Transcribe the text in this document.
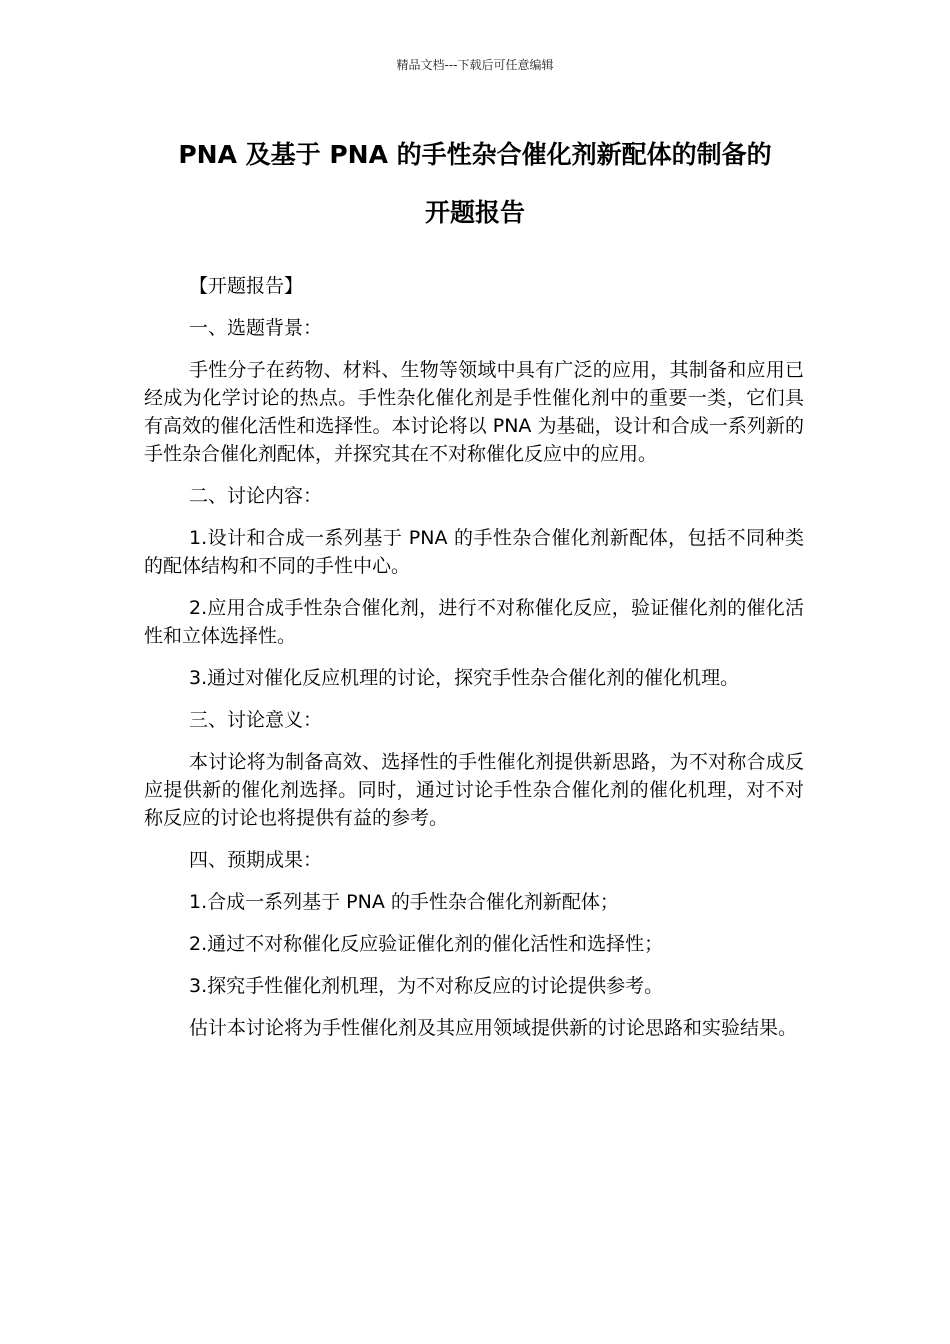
精品文档---下载后可任意编辑
PNA 及基于 PNA 的手性杂合催化剂新配体的制备的
开题报告

【开题报告】

一、选题背景：

手性分子在药物、材料、生物等领域中具有广泛的应用，其制备和应用已经成为化学讨论的热点。手性杂化催化剂是手性催化剂中的重要一类，它们具有高效的催化活性和选择性。本讨论将以 PNA 为基础，设计和合成一系列新的手性杂合催化剂配体，并探究其在不对称催化反应中的应用。

二、讨论内容：

1.设计和合成一系列基于 PNA 的手性杂合催化剂新配体，包括不同种类的配体结构和不同的手性中心。

2.应用合成手性杂合催化剂，进行不对称催化反应，验证催化剂的催化活性和立体选择性。

3.通过对催化反应机理的讨论，探究手性杂合催化剂的催化机理。

三、讨论意义：

本讨论将为制备高效、选择性的手性催化剂提供新思路，为不对称合成反应提供新的催化剂选择。同时，通过讨论手性杂合催化剂的催化机理，对不对称反应的讨论也将提供有益的参考。

四、预期成果：

1.合成一系列基于 PNA 的手性杂合催化剂新配体；

2.通过不对称催化反应验证催化剂的催化活性和选择性；

3.探究手性催化剂机理，为不对称反应的讨论提供参考。

估计本讨论将为手性催化剂及其应用领域提供新的讨论思路和实验结果。
